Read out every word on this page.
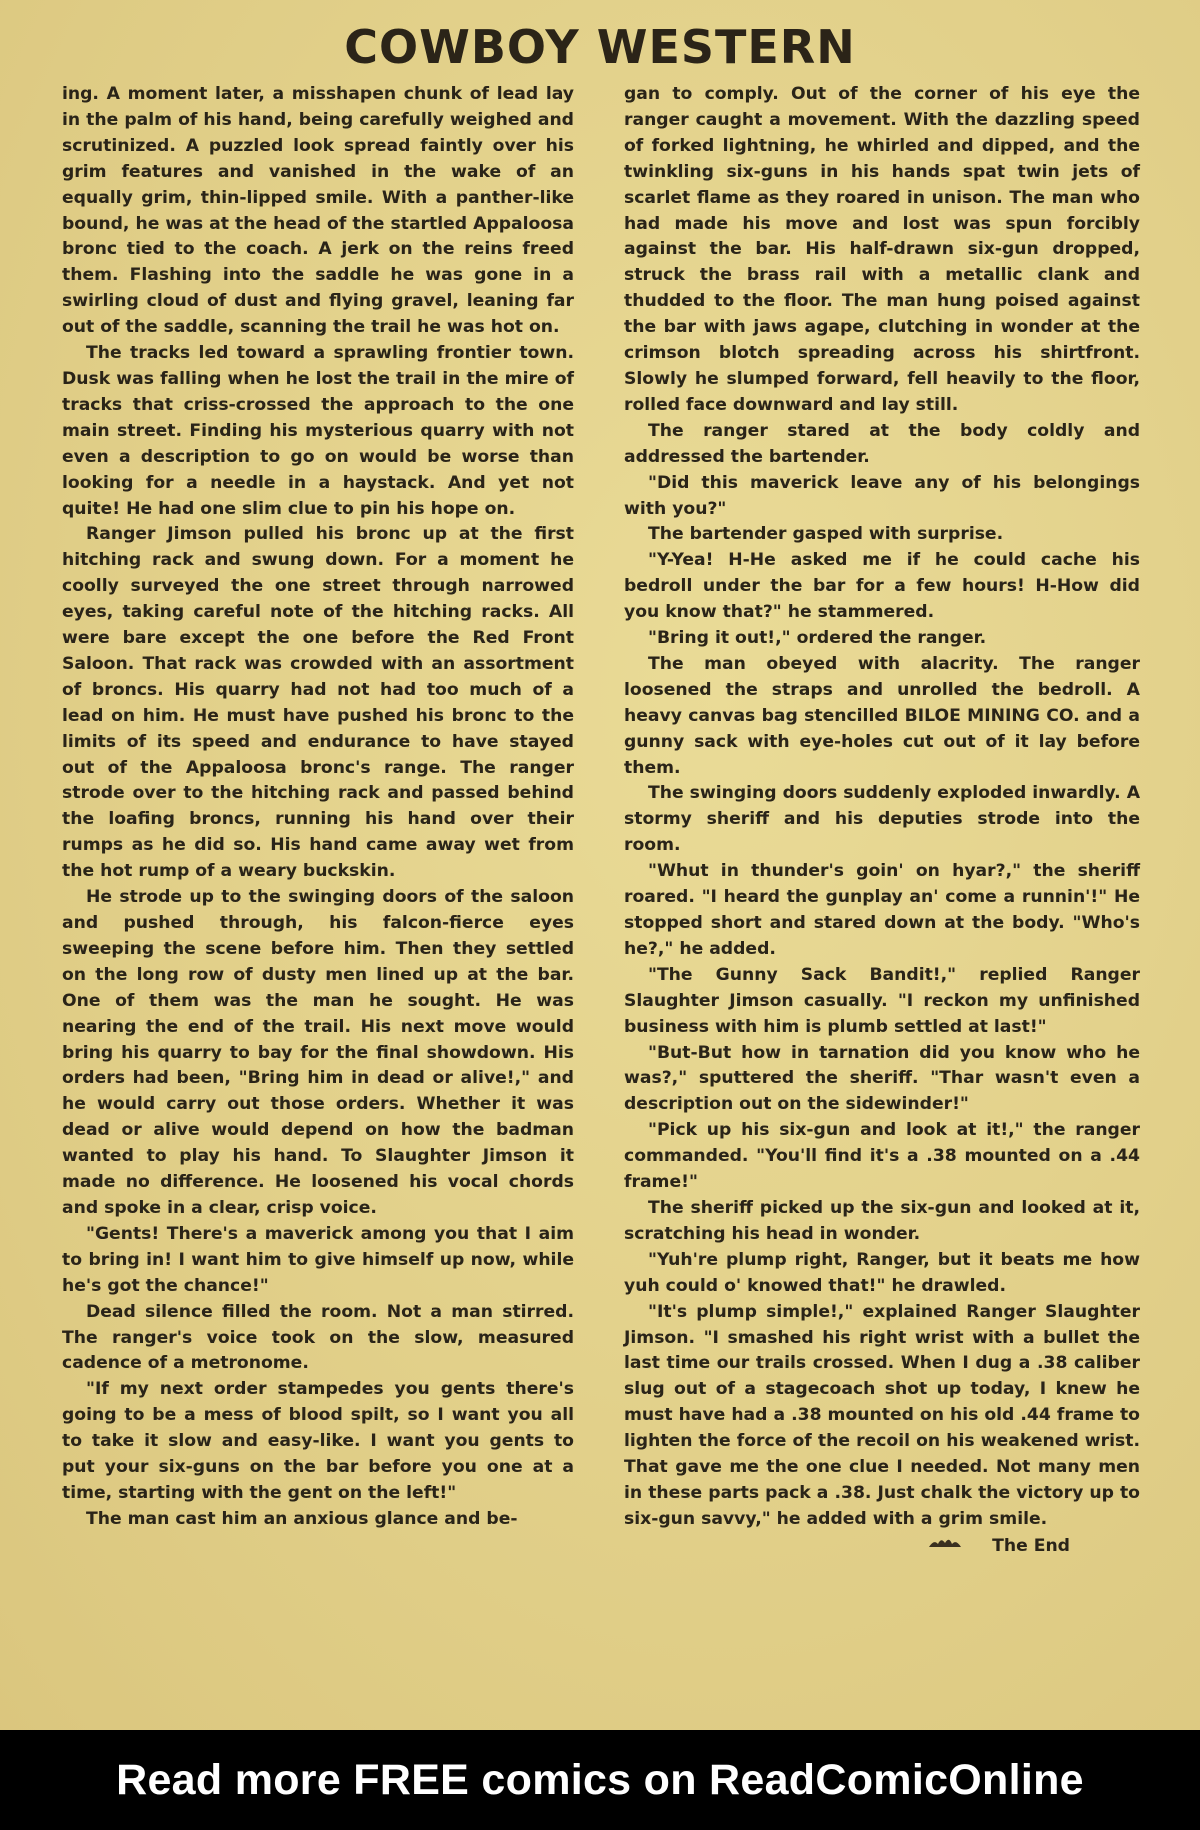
COWBOY WESTERN

ing. A moment later, a misshapen chunk of lead lay in the palm of his hand, being carefully weighed and scrutinized. A puzzled look spread faintly over his grim features and vanished in the wake of an equally grim, thin-lipped smile. With a panther-like bound, he was at the head of the startled Appaloosa bronc tied to the coach. A jerk on the reins freed them. Flashing into the saddle he was gone in a swirling cloud of dust and flying gravel, leaning far out of the saddle, scanning the trail he was hot on.

The tracks led toward a sprawling frontier town. Dusk was falling when he lost the trail in the mire of tracks that criss-crossed the approach to the one main street. Finding his mysterious quarry with not even a description to go on would be worse than looking for a needle in a haystack. And yet not quite! He had one slim clue to pin his hope on.

Ranger Jimson pulled his bronc up at the first hitching rack and swung down. For a moment he coolly surveyed the one street through narrowed eyes, taking careful note of the hitching racks. All were bare except the one before the Red Front Saloon. That rack was crowded with an assortment of broncs. His quarry had not had too much of a lead on him. He must have pushed his bronc to the limits of its speed and endurance to have stayed out of the Appaloosa bronc's range. The ranger strode over to the hitching rack and passed behind the loafing broncs, running his hand over their rumps as he did so. His hand came away wet from the hot rump of a weary buckskin.

He strode up to the swinging doors of the saloon and pushed through, his falcon-fierce eyes sweeping the scene before him. Then they settled on the long row of dusty men lined up at the bar. One of them was the man he sought. He was nearing the end of the trail. His next move would bring his quarry to bay for the final showdown. His orders had been, "Bring him in dead or alive!," and he would carry out those orders. Whether it was dead or alive would depend on how the badman wanted to play his hand. To Slaughter Jimson it made no difference. He loosened his vocal chords and spoke in a clear, crisp voice.

"Gents! There's a maverick among you that I aim to bring in! I want him to give himself up now, while he's got the chance!"

Dead silence filled the room. Not a man stirred. The ranger's voice took on the slow, measured cadence of a metronome.

"If my next order stampedes you gents there's going to be a mess of blood spilt, so I want you all to take it slow and easy-like. I want you gents to put your six-guns on the bar before you one at a time, starting with the gent on the left!"

The man cast him an anxious glance and be-

gan to comply. Out of the corner of his eye the ranger caught a movement. With the dazzling speed of forked lightning, he whirled and dipped, and the twinkling six-guns in his hands spat twin jets of scarlet flame as they roared in unison. The man who had made his move and lost was spun forcibly against the bar. His half-drawn six-gun dropped, struck the brass rail with a metallic clank and thudded to the floor. The man hung poised against the bar with jaws agape, clutching in wonder at the crimson blotch spreading across his shirtfront. Slowly he slumped forward, fell heavily to the floor, rolled face downward and lay still.

The ranger stared at the body coldly and addressed the bartender.

"Did this maverick leave any of his belongings with you?"

The bartender gasped with surprise.

"Y-Yea! H-He asked me if he could cache his bedroll under the bar for a few hours! H-How did you know that?" he stammered.

"Bring it out!," ordered the ranger.

The man obeyed with alacrity. The ranger loosened the straps and unrolled the bedroll. A heavy canvas bag stencilled BILOE MINING CO. and a gunny sack with eye-holes cut out of it lay before them.

The swinging doors suddenly exploded inwardly. A stormy sheriff and his deputies strode into the room.

"Whut in thunder's goin' on hyar?," the sheriff roared. "I heard the gunplay an' come a runnin'!" He stopped short and stared down at the body. "Who's he?," he added.

"The Gunny Sack Bandit!," replied Ranger Slaughter Jimson casually. "I reckon my unfinished business with him is plumb settled at last!"

"But-But how in tarnation did you know who he was?," sputtered the sheriff. "Thar wasn't even a description out on the sidewinder!"

"Pick up his six-gun and look at it!," the ranger commanded. "You'll find it's a .38 mounted on a .44 frame!"

The sheriff picked up the six-gun and looked at it, scratching his head in wonder.

"Yuh're plump right, Ranger, but it beats me how yuh could o' knowed that!" he drawled.

"It's plump simple!," explained Ranger Slaughter Jimson. "I smashed his right wrist with a bullet the last time our trails crossed. When I dug a .38 caliber slug out of a stagecoach shot up today, I knew he must have had a .38 mounted on his old .44 frame to lighten the force of the recoil on his weakened wrist. That gave me the one clue I needed. Not many men in these parts pack a .38. Just chalk the victory up to six-gun savvy," he added with a grim smile.

The End
Read more FREE comics on ReadComicOnline
